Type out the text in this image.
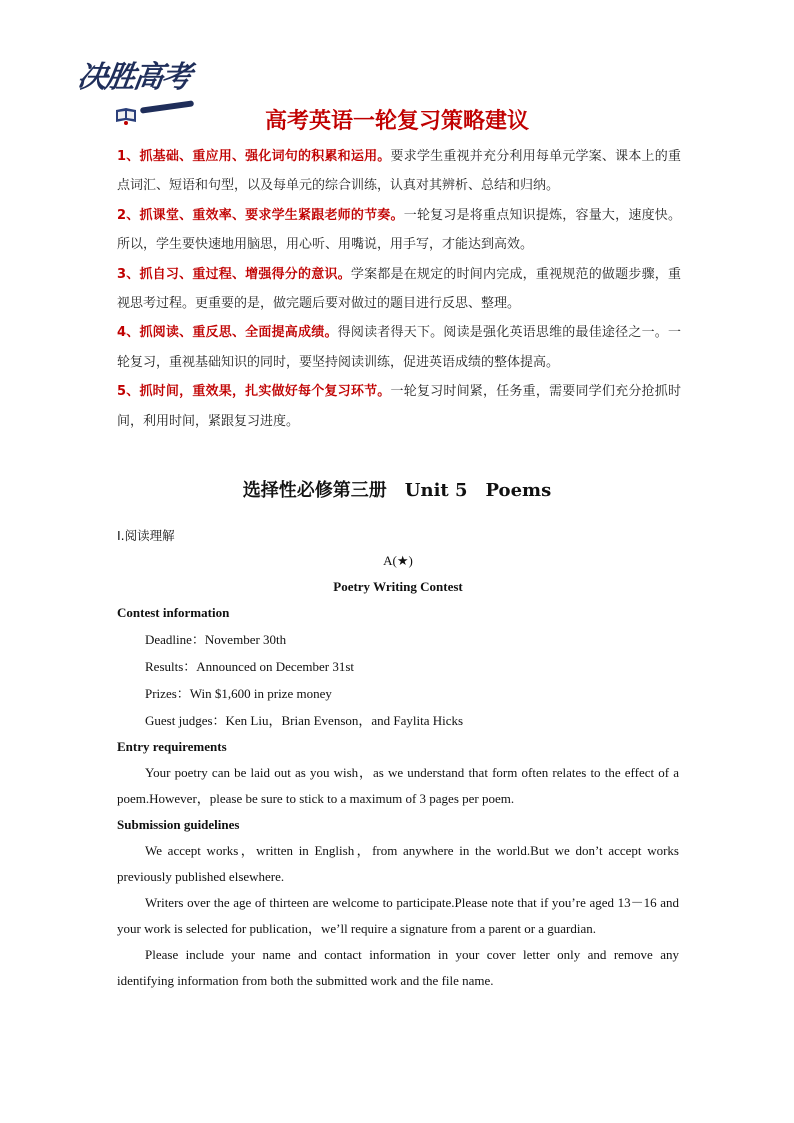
决胜高考
高考英语一轮复习策略建议

1、抓基础、重应用、强化词句的积累和运用。要求学生重视并充分利用每单元学案、课本上的重点词汇、短语和句型，以及每单元的综合训练，认真对其辨析、总结和归纳。

2、抓课堂、重效率、要求学生紧跟老师的节奏。一轮复习是将重点知识提炼，容量大，速度快。所以，学生要快速地用脑思，用心听、用嘴说，用手写，才能达到高效。

3、抓自习、重过程、增强得分的意识。学案都是在规定的时间内完成，重视规范的做题步骤，重视思考过程。更重要的是，做完题后要对做过的题目进行反思、整理。

4、抓阅读、重反思、全面提高成绩。得阅读者得天下。阅读是强化英语思维的最佳途径之一。一轮复习，重视基础知识的同时，要坚持阅读训练，促进英语成绩的整体提高。

5、抓时间，重效果，扎实做好每个复习环节。一轮复习时间紧，任务重，需要同学们充分抢抓时间，利用时间，紧跟复习进度。

选择性必修第三册　Unit 5　Poems

Ⅰ.阅读理解

A(★)

Poetry Writing Contest

Contest information

Deadline：November 30th

Results：Announced on December 31st

Prizes：Win $1,600 in prize money

Guest judges：Ken Liu，Brian Evenson，and Faylita Hicks

Entry requirements

Your poetry can be laid out as you wish，as we understand that form often relates to the effect of a poem.However，please be sure to stick to a maximum of 3 pages per poem.

Submission guidelines

We accept works，written in English，from anywhere in the world.But we don’t accept works previously published elsewhere.

Writers over the age of thirteen are welcome to participate.Please note that if you’re aged 13－16 and your work is selected for publication，we’ll require a signature from a parent or a guardian.

Please include your name and contact information in your cover letter only and remove any identifying information from both the submitted work and the file name.
